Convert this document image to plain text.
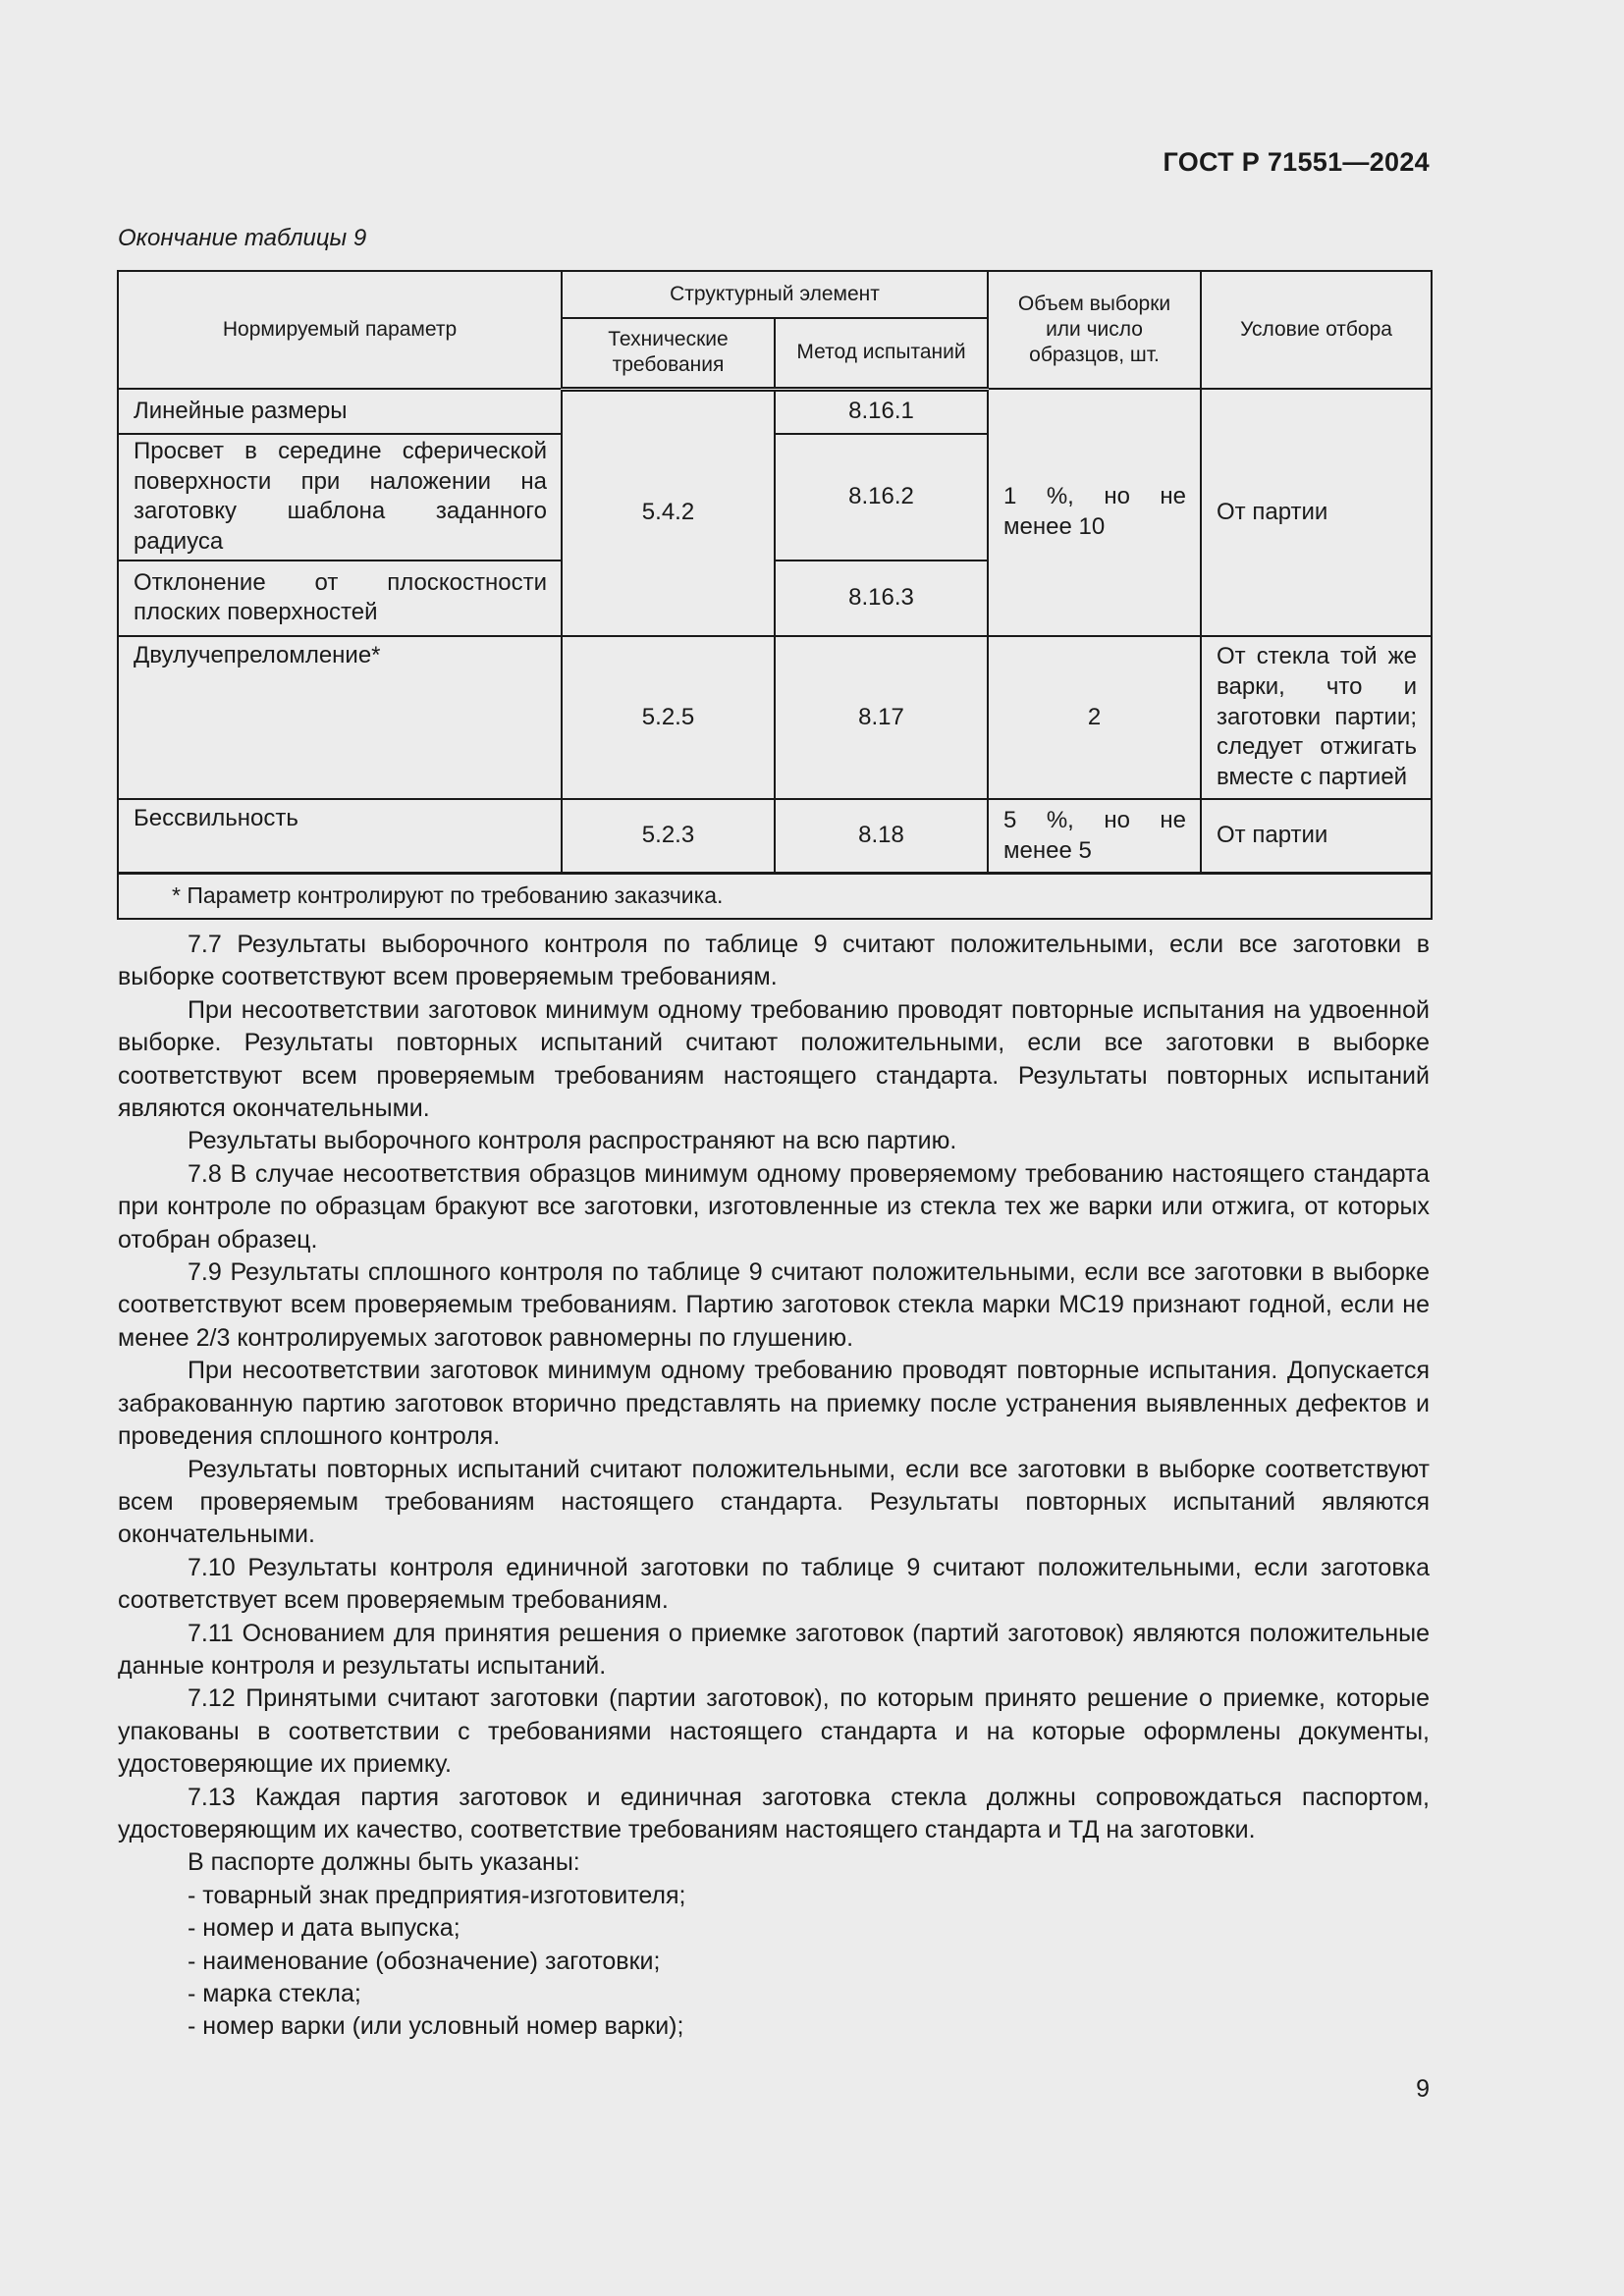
ГОСТ Р 71551—2024
Окончание таблицы 9
Нормируемый параметр	Структурный элемент		Объем выборки или число образцов, шт.	Условие отбора
	Технические требования	Метод испытаний		
Линейные размеры	5.4.2	8.16.1	1 %, но не менее 10	От партии
Просвет в середине сферической поверхности при наложении на заготовку шаблона заданного радиуса		8.16.2		
Отклонение от плоскостности плоских поверхностей		8.16.3		
Двулучепреломление*	5.2.5	8.17	2	От стекла той же варки, что и заготовки партии; следует отжигать вместе с партией
Бессвильность	5.2.3	8.18	5 %, но не менее 5	От партии
* Параметр контролируют по требованию заказчика.				

7.7 Результаты выборочного контроля по таблице 9 считают положительными, если все заготовки в выборке соответствуют всем проверяемым требованиям.

При несоответствии заготовок минимум одному требованию проводят повторные испытания на удвоенной выборке. Результаты повторных испытаний считают положительными, если все заготовки в выборке соответствуют всем проверяемым требованиям настоящего стандарта. Результаты повторных испытаний являются окончательными.

Результаты выборочного контроля распространяют на всю партию.

7.8 В случае несоответствия образцов минимум одному проверяемому требованию настоящего стандарта при контроле по образцам бракуют все заготовки, изготовленные из стекла тех же варки или отжига, от которых отобран образец.

7.9 Результаты сплошного контроля по таблице 9 считают положительными, если все заготовки в выборке соответствуют всем проверяемым требованиям. Партию заготовок стекла марки МС19 признают годной, если не менее 2/3 контролируемых заготовок равномерны по глушению.

При несоответствии заготовок минимум одному требованию проводят повторные испытания. Допускается забракованную партию заготовок вторично представлять на приемку после устранения выявленных дефектов и проведения сплошного контроля.

Результаты повторных испытаний считают положительными, если все заготовки в выборке соответствуют всем проверяемым требованиям настоящего стандарта. Результаты повторных испытаний являются окончательными.

7.10 Результаты контроля единичной заготовки по таблице 9 считают положительными, если заготовка соответствует всем проверяемым требованиям.

7.11 Основанием для принятия решения о приемке заготовок (партий заготовок) являются положительные данные контроля и результаты испытаний.

7.12 Принятыми считают заготовки (партии заготовок), по которым принято решение о приемке, которые упакованы в соответствии с требованиями настоящего стандарта и на которые оформлены документы, удостоверяющие их приемку.

7.13 Каждая партия заготовок и единичная заготовка стекла должны сопровождаться паспортом, удостоверяющим их качество, соответствие требованиям настоящего стандарта и ТД на заготовки.

В паспорте должны быть указаны:

- товарный знак предприятия-изготовителя;

- номер и дата выпуска;

- наименование (обозначение) заготовки;

- марка стекла;

- номер варки (или условный номер варки);

9
